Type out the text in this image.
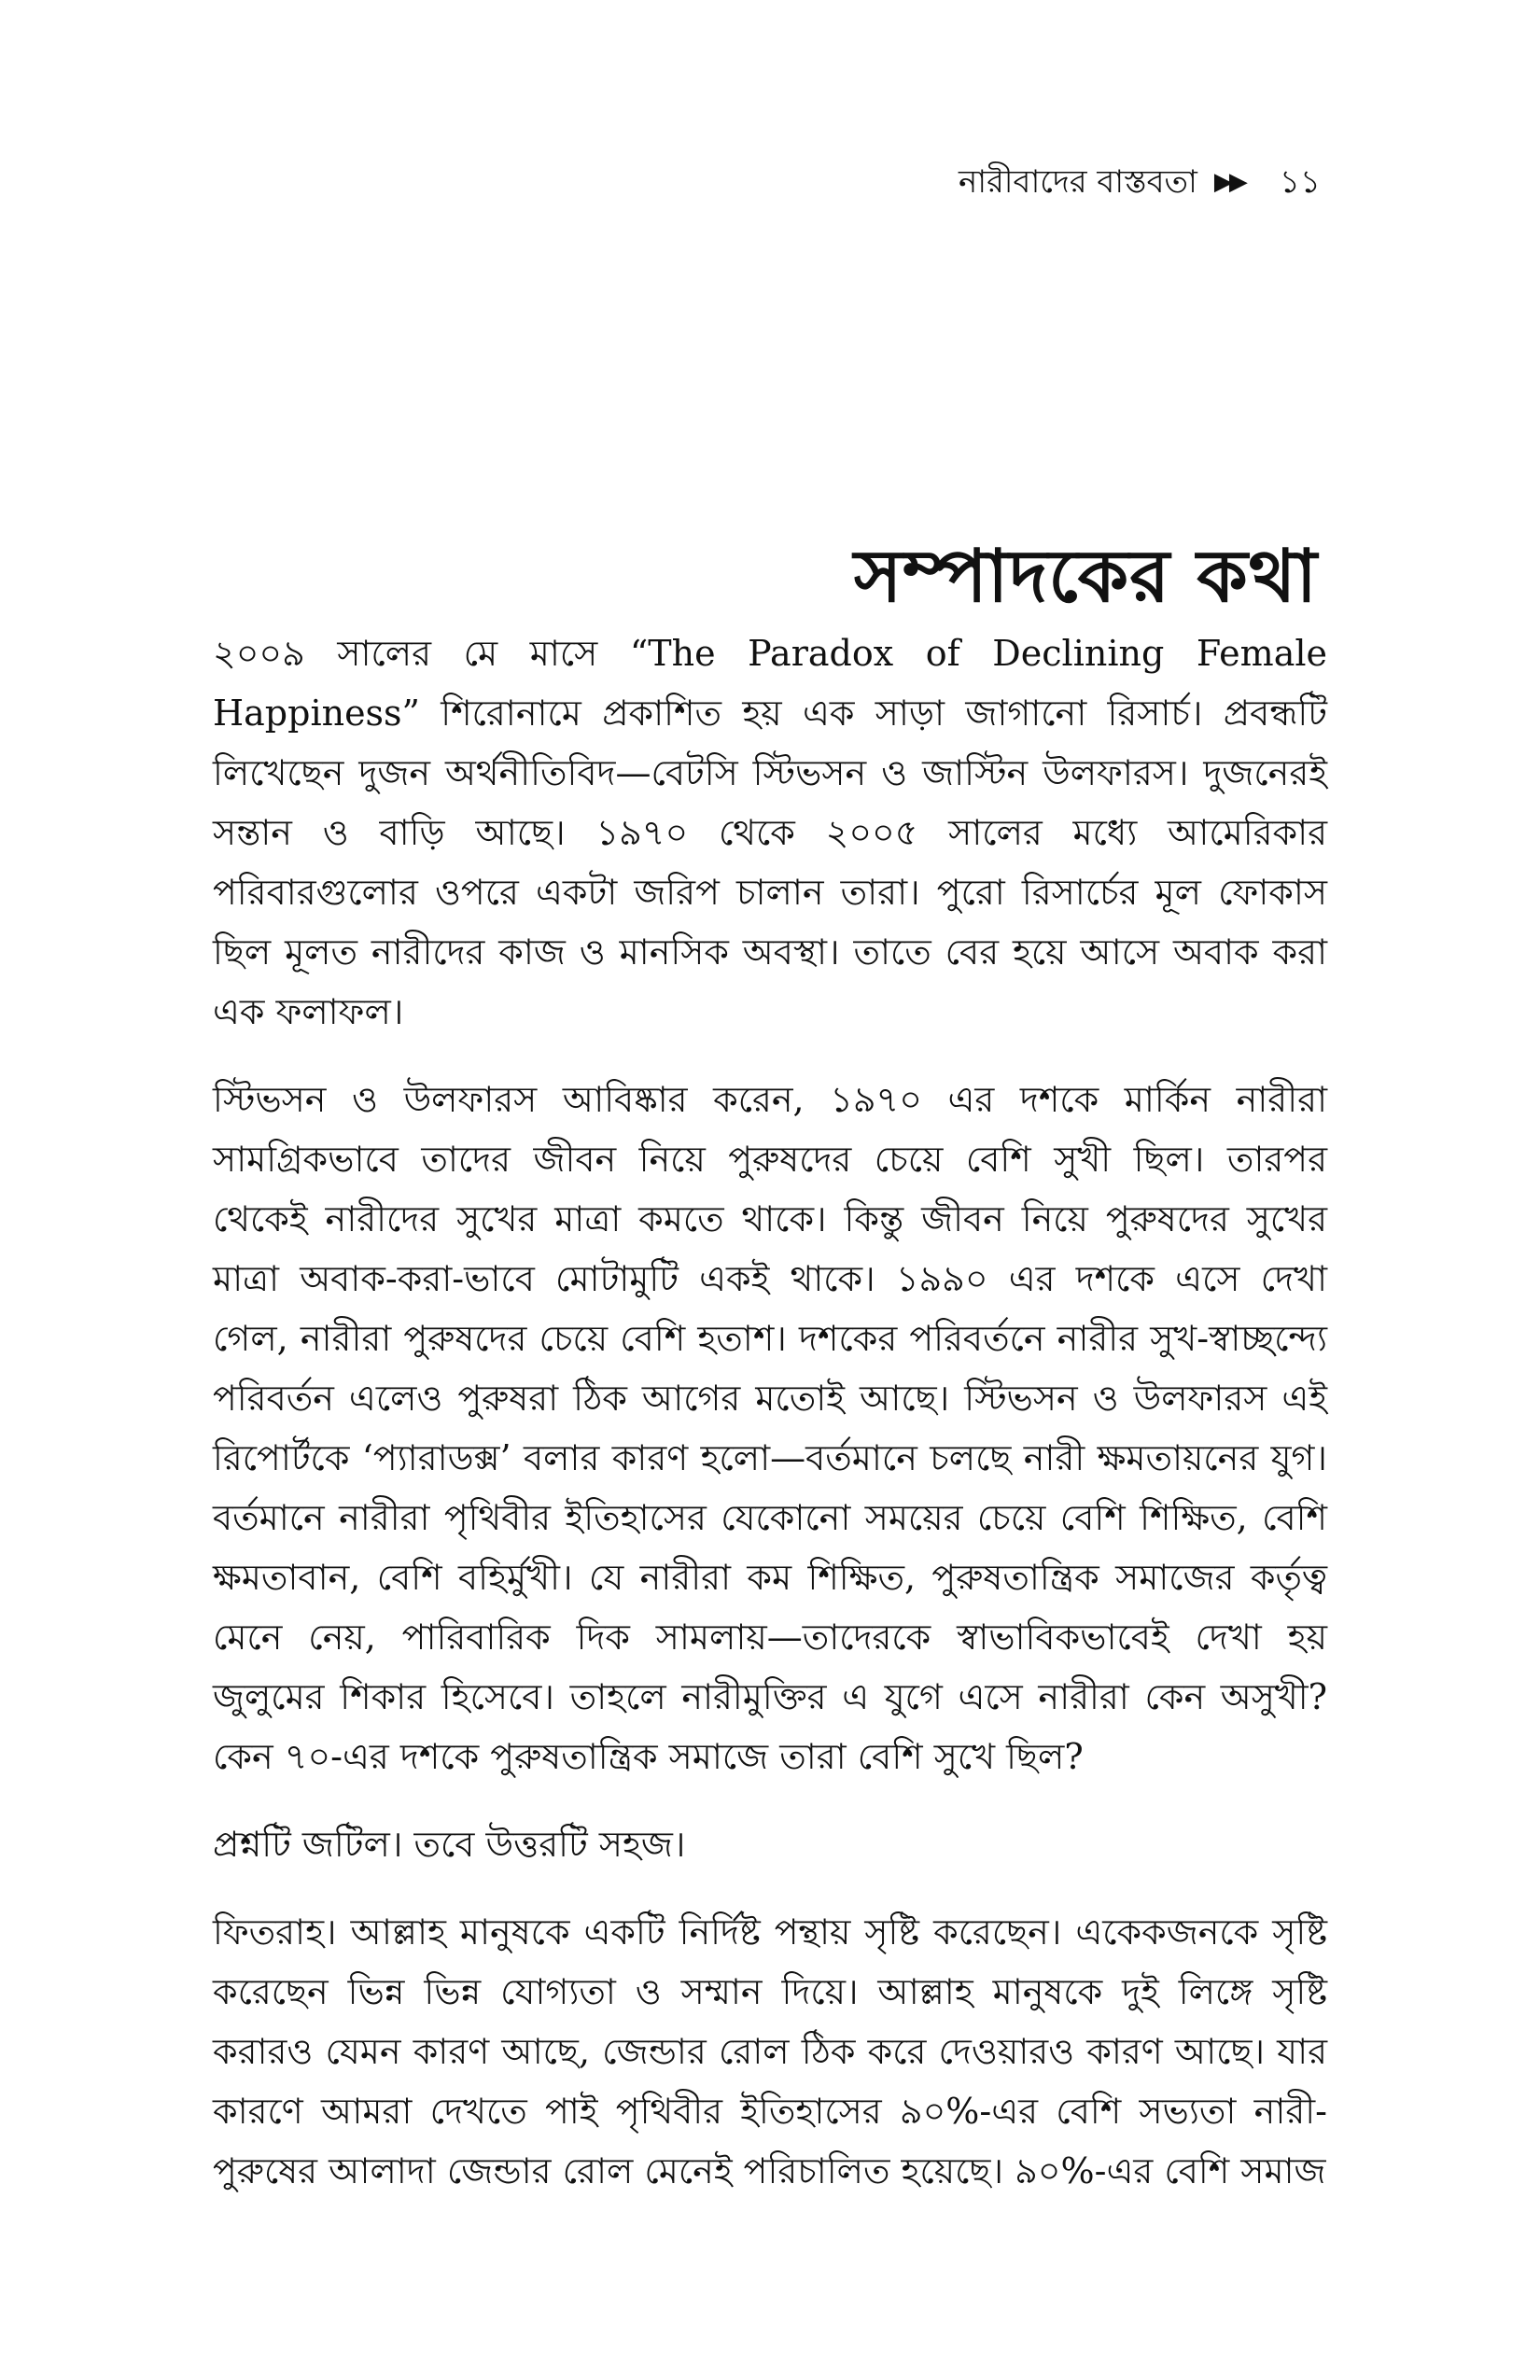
নারীবাদের বাস্তবতা ▶▶ ১১
সম্পাদকের কথা

২০০৯ সালের মে মাসে “The Paradox of Declining Female Happiness” শিরোনামে প্রকাশিত হয় এক সাড়া জাগানো রিসার্চ। প্রবন্ধটি লিখেছেন দুজন অর্থনীতিবিদ—বেটসি স্টিভসন ও জাস্টিন উলফারস। দুজনেরই সন্তান ও বাড়ি আছে। ১৯৭০ থেকে ২০০৫ সালের মধ্যে আমেরিকার পরিবারগুলোর ওপরে একটা জরিপ চালান তারা। পুরো রিসার্চের মূল ফোকাস ছিল মূলত নারীদের কাজ ও মানসিক অবস্থা। তাতে বের হয়ে আসে অবাক করা এক ফলাফল।

স্টিভসন ও উলফারস আবিষ্কার করেন, ১৯৭০ এর দশকে মার্কিন নারীরা সামগ্রিকভাবে তাদের জীবন নিয়ে পুরুষদের চেয়ে বেশি সুখী ছিল। তারপর থেকেই নারীদের সুখের মাত্রা কমতে থাকে। কিন্তু জীবন নিয়ে পুরুষদের সুখের মাত্রা অবাক-করা-ভাবে মোটামুটি একই থাকে। ১৯৯০ এর দশকে এসে দেখা গেল, নারীরা পুরুষদের চেয়ে বেশি হতাশ। দশকের পরিবর্তনে নারীর সুখ-স্বাচ্ছন্দ্যে পরিবর্তন এলেও পুরুষরা ঠিক আগের মতোই আছে। স্টিভসন ও উলফারস এই রিপোর্টকে ‘প্যারাডক্স’ বলার কারণ হলো—বর্তমানে চলছে নারী ক্ষমতায়নের যুগ। বর্তমানে নারীরা পৃথিবীর ইতিহাসের যেকোনো সময়ের চেয়ে বেশি শিক্ষিত, বেশি ক্ষমতাবান, বেশি বহির্মুখী। যে নারীরা কম শিক্ষিত, পুরুষতান্ত্রিক সমাজের কর্তৃত্ব মেনে নেয়, পারিবারিক দিক সামলায়—তাদেরকে স্বাভাবিকভাবেই দেখা হয় জুলুমের শিকার হিসেবে। তাহলে নারীমুক্তির এ যুগে এসে নারীরা কেন অসুখী? কেন ৭০-এর দশকে পুরুষতান্ত্রিক সমাজে তারা বেশি সুখে ছিল?

প্রশ্নটি জটিল। তবে উত্তরটি সহজ।

ফিতরাহ। আল্লাহ মানুষকে একটি নির্দিষ্ট পন্থায় সৃষ্টি করেছেন। একেকজনকে সৃষ্টি করেছেন ভিন্ন ভিন্ন যোগ্যতা ও সম্মান দিয়ে। আল্লাহ মানুষকে দুই লিঙ্গে সৃষ্টি করারও যেমন কারণ আছে, জেন্ডার রোল ঠিক করে দেওয়ারও কারণ আছে। যার কারণে আমরা দেখতে পাই পৃথিবীর ইতিহাসের ৯০%-এর বেশি সভ্যতা নারী-পুরুষের আলাদা জেন্ডার রোল মেনেই পরিচালিত হয়েছে। ৯০%-এর বেশি সমাজ
